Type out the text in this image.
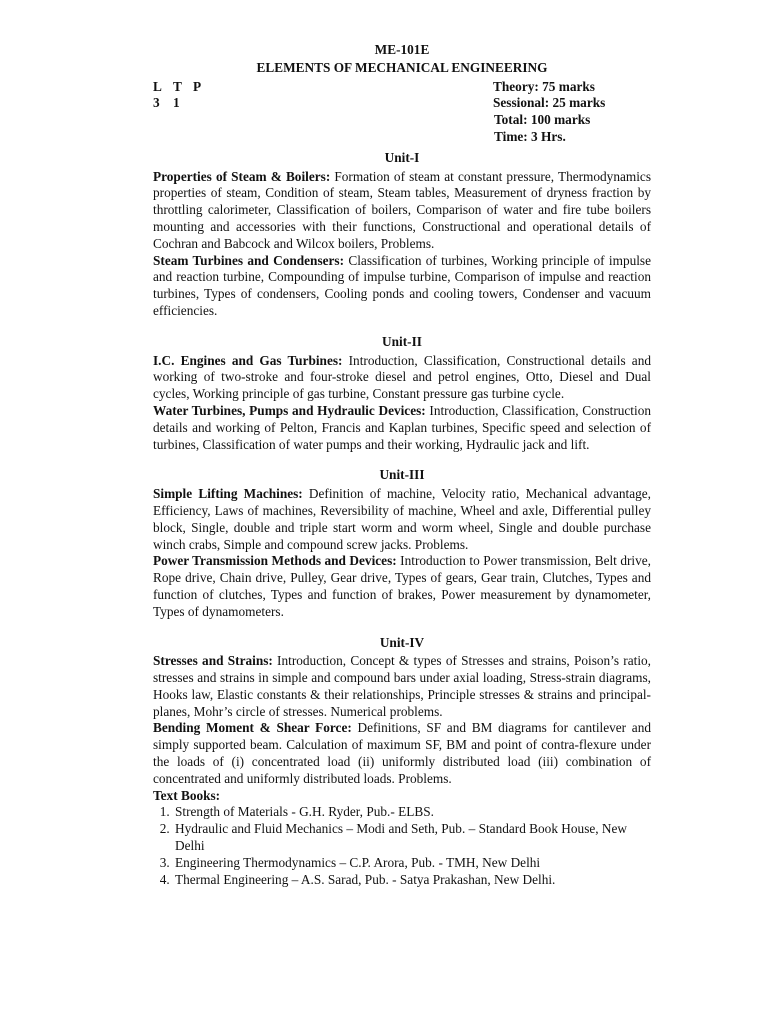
ME-101E
ELEMENTS OF MECHANICAL ENGINEERING
L T P	Theory: 75 marks
3 1	Sessional: 25 marks
Total: 100 marks
Time: 3 Hrs.
Unit-I

Properties of Steam & Boilers: Formation of steam at constant pressure, Thermodynamics properties of steam, Condition of steam, Steam tables, Measurement of dryness fraction by throttling calorimeter, Classification of boilers, Comparison of water and fire tube boilers mounting and accessories with their functions, Constructional and operational details of Cochran and Babcock and Wilcox boilers, Problems.

Steam Turbines and Condensers: Classification of turbines, Working principle of impulse and reaction turbine, Compounding of impulse turbine, Comparison of impulse and reaction turbines, Types of condensers, Cooling ponds and cooling towers, Condenser and vacuum efficiencies.

Unit-II

I.C. Engines and Gas Turbines: Introduction, Classification, Constructional details and working of two-stroke and four-stroke diesel and petrol engines, Otto, Diesel and Dual cycles, Working principle of gas turbine, Constant pressure gas turbine cycle.

Water Turbines, Pumps and Hydraulic Devices: Introduction, Classification, Construction details and working of Pelton, Francis and Kaplan turbines, Specific speed and selection of turbines, Classification of water pumps and their working, Hydraulic jack and lift.

Unit-III

Simple Lifting Machines: Definition of machine, Velocity ratio, Mechanical advantage, Efficiency, Laws of machines, Reversibility of machine, Wheel and axle, Differential pulley block, Single, double and triple start worm and worm wheel, Single and double purchase winch crabs, Simple and compound screw jacks. Problems.

Power Transmission Methods and Devices: Introduction to Power transmission, Belt drive, Rope drive, Chain drive, Pulley, Gear drive, Types of gears, Gear train, Clutches, Types and function of clutches, Types and function of brakes, Power measurement by dynamometer, Types of dynamometers.

Unit-IV

Stresses and Strains: Introduction, Concept & types of Stresses and strains, Poison’s ratio, stresses and strains in simple and compound bars under axial loading, Stress-strain diagrams, Hooks law, Elastic constants & their relationships, Principle stresses & strains and principal- planes, Mohr’s circle of stresses. Numerical problems.

Bending Moment & Shear Force: Definitions, SF and BM diagrams for cantilever and simply supported beam. Calculation of maximum SF, BM and point of contra-flexure under the loads of (i) concentrated load (ii) uniformly distributed load (iii) combination of concentrated and uniformly distributed loads. Problems.

Text Books:
1. Strength of Materials - G.H. Ryder, Pub.- ELBS.
2. Hydraulic and Fluid Mechanics – Modi and Seth, Pub. – Standard Book House, New Delhi
3. Engineering Thermodynamics – C.P. Arora, Pub. - TMH, New Delhi
4. Thermal Engineering – A.S. Sarad, Pub. - Satya Prakashan, New Delhi.
